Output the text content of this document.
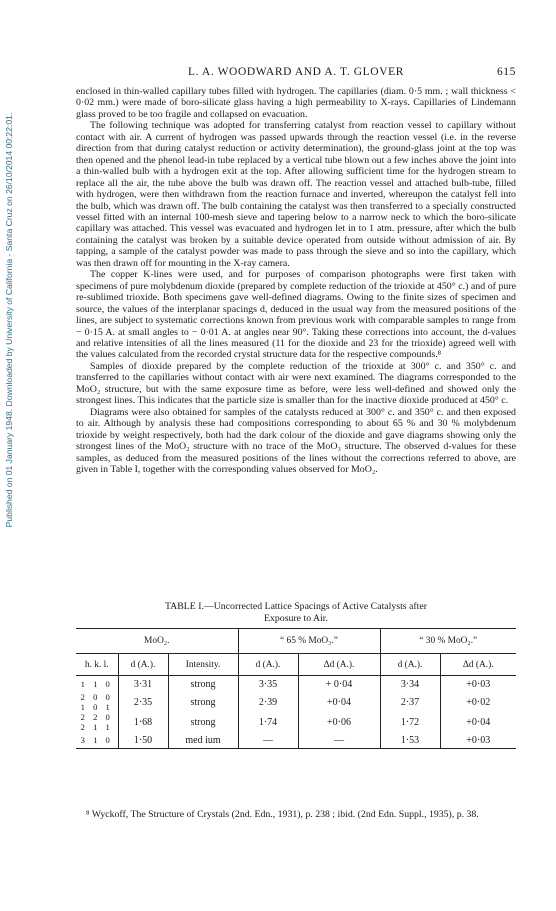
Published on 01 January 1948. Downloaded by University of California - Santa Cruz on 26/10/2014 00:22:01.
L. A. WOODWARD AND A. T. GLOVER	615

enclosed in thin-walled capillary tubes filled with hydrogen. The capillaries (diam. 0·5 mm. ; wall thickness < 0·02 mm.) were made of boro-silicate glass having a high permeability to X-rays. Capillaries of Lindemann glass proved to be too fragile and collapsed on evacuation.

The following technique was adopted for transferring catalyst from reaction vessel to capillary without contact with air. A current of hydrogen was passed upwards through the reaction vessel (i.e. in the reverse direction from that during catalyst reduction or activity determination), the ground-glass joint at the top was then opened and the phenol lead-in tube replaced by a vertical tube blown out a few inches above the joint into a thin-walled bulb with a hydrogen exit at the top. After allowing sufficient time for the hydrogen stream to replace all the air, the tube above the bulb was drawn off. The reaction vessel and attached bulb-tube, filled with hydrogen, were then withdrawn from the reaction furnace and inverted, whereupon the catalyst fell into the bulb, which was drawn off. The bulb containing the catalyst was then transferred to a specially constructed vessel fitted with an internal 100-mesh sieve and tapering below to a narrow neck to which the boro-silicate capillary was attached. This vessel was evacuated and hydrogen let in to 1 atm. pressure, after which the bulb containing the catalyst was broken by a suitable device operated from outside without admission of air. By tapping, a sample of the catalyst powder was made to pass through the sieve and so into the capillary, which was then drawn off for mounting in the X-ray camera.

The copper K-lines were used, and for purposes of comparison photographs were first taken with specimens of pure molybdenum dioxide (prepared by complete reduction of the trioxide at 450° c.) and of pure re-sublimed trioxide. Both specimens gave well-defined diagrams. Owing to the finite sizes of specimen and source, the values of the interplanar spacings d, deduced in the usual way from the measured positions of the lines, are subject to systematic corrections known from previous work with comparable samples to range from − 0·15 A. at small angles to − 0·01 A. at angles near 90°. Taking these corrections into account, the d-values and relative intensities of all the lines measured (11 for the dioxide and 23 for the trioxide) agreed well with the values calculated from the recorded crystal structure data for the respective compounds.⁸

Samples of dioxide prepared by the complete reduction of the trioxide at 300° c. and 350° c. and transferred to the capillaries without contact with air were next examined. The diagrams corresponded to the MoO₂ structure, but with the same exposure time as before, were less well-defined and showed only the strongest lines. This indicates that the particle size is smaller than for the inactive dioxide produced at 450° c.

Diagrams were also obtained for samples of the catalysts reduced at 300° c. and 350° c. and then exposed to air. Although by analysis these had compositions corresponding to about 65 % and 30 % molybdenum trioxide by weight respectively, both had the dark colour of the dioxide and gave diagrams showing only the strongest lines of the MoO₂ structure with no trace of the MoO₃ structure. The observed d-values for these samples, as deduced from the measured positions of the lines without the corrections referred to above, are given in Table I, together with the corresponding values observed for MoO₂.

TABLE I.—Uncorrected Lattice Spacings of Active Catalysts after
Exposure to Air.
MoO₂.			“ 65 % MoO₃.”		“ 30 % MoO₂.”	
h. k. l.	d (A.).	Intensity.	d (A.).	Δd (A.).	d (A.).	Δd (A.).

1 1 0	3·31	strong	3·35	+ 0·04	3·34	+0·03

2 0 0
1 0 1	2·35	strong	2·39	+0·04	2·37	+0·02

2 2 0
2 1 1	1·68	strong	1·74	+0·06	1·72	+0·04

3 1 0	1·50	med ium	—	—	1·53	+0·03

⁸ Wyckoff, The Structure of Crystals (2nd. Edn., 1931), p. 238 ; ibid. (2nd Edn. Suppl., 1935), p. 38.
